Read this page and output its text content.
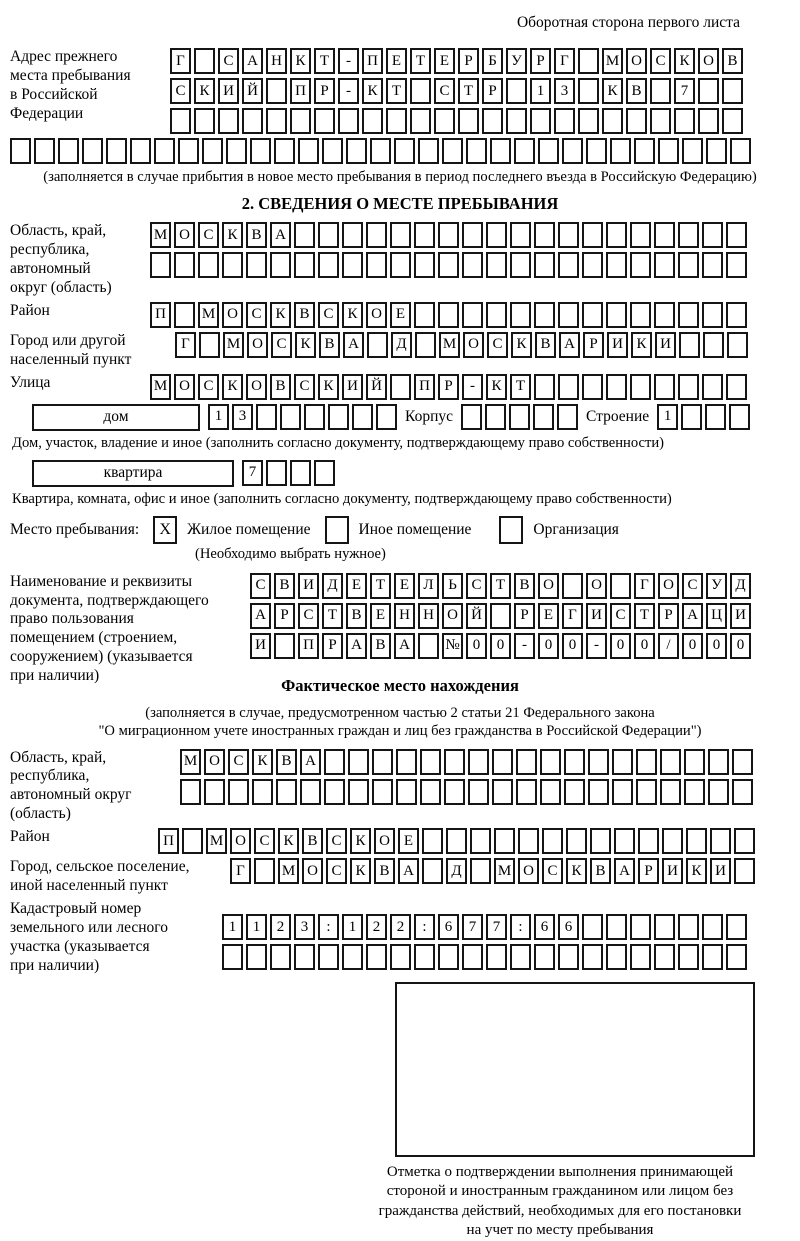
Оборотная сторона первого листа
Адрес прежнего
места пребывания
в Российской
Федерации
Г	С А Н К Т	-	П Е Т Е	Р	Б У Р	Г	М О С К О В
С К И Й	П Р	-	К Т	С Т	Р	1	3	К В	7
(заполняется в случае прибытия в новое место пребывания в период последнего въезда в Российскую Федерацию)
2. СВЕДЕНИЯ О МЕСТЕ ПРЕБЫВАНИЯ
Область, край,
республика,
автономный
округ (область)
М О С К В А
Район	П	М О С К В С К О Е
Город или другой
населенный пункт
Г	М О С К В А	Д	М О С К В А Р И К И
Улица	М О С К О В С К И Й	П Р	-	К Т
дом	1	3	Корпус	Строение 1
Дом, участок, владение и иное (заполнить согласно документу, подтверждающему право собственности)
квартира	7
Квартира, комната, офис и иное (заполнить согласно документу, подтверждающему право собственности)
Место пребывания: X Жилое помещение	Иное помещение	Организация
(Необходимо выбрать нужное)
Наименование и реквизиты
документа, подтверждающего
право пользования
помещением (строением,
сооружением) (указывается
при наличии)
С В И Д Е Т Е Л Ь С Т В О	О	Г О С У Д
А Р С Т В Е Н Н О Й	Р	Е	Г И С Т	Р А Ц И
И	П Р А В А	№ 0	0	-	0	0	-	0	0	/	0	0	0
Фактическое место нахождения
(заполняется в случае, предусмотренном частью 2 статьи 21 Федерального закона
"О миграционном учете иностранных граждан и лиц без гражданства в Российской Федерации")
Область, край,
республика,
автономный округ
(область)
М О С К В А
Район	П	М О С К В С К О Е
Город, сельское поселение,
иной населенный пункт
Г	М О С К В А	Д	М О С К В А Р И К И
Кадастровый номер
земельного или лесного
участка (указывается
при наличии)
1	1	2	3	:	1	2	2	:	6	7	7	:	6	6
Отметка о подтверждении выполнения принимающей
стороной и иностранным гражданином или лицом без
гражданства действий, необходимых для его постановки
на учет по месту пребывания
